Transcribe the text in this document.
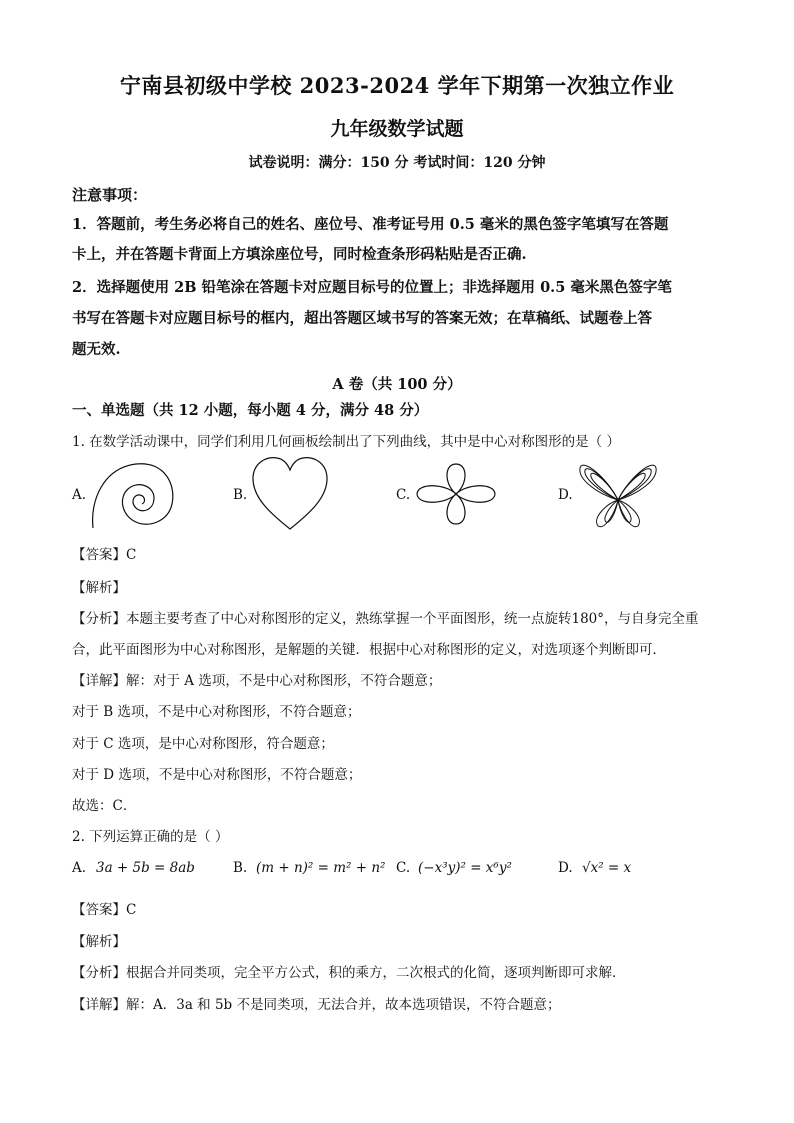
宁南县初级中学校 2023-2024 学年下期第一次独立作业
九年级数学试题
试卷说明：满分：150 分 考试时间：120 分钟
注意事项：
1．答题前，考生务必将自己的姓名、座位号、准考证号用 0.5 毫米的黑色签字笔填写在答题
卡上，并在答题卡背面上方填涂座位号，同时检查条形码粘贴是否正确.
2．选择题使用 2B 铅笔涂在答题卡对应题目标号的位置上；非选择题用 0.5 毫米黑色签字笔
书写在答题卡对应题目标号的框内，超出答题区域书写的答案无效；在草稿纸、试题卷上答
题无效.
A 卷（共 100 分）
一、单选题（共 12 小题，每小题 4 分，满分 48 分）
1. 在数学活动课中，同学们利用几何画板绘制出了下列曲线，其中是中心对称图形的是（ ）
A.	B.	C.	D.
【答案】C
【解析】
【分析】本题主要考查了中心对称图形的定义，熟练掌握一个平面图形，统一点旋转180°，与自身完全重
合，此平面图形为中心对称图形，是解题的关键．根据中心对称图形的定义，对选项逐个判断即可．
【详解】解：对于 A 选项，不是中心对称图形，不符合题意；
对于 B 选项，不是中心对称图形，不符合题意；
对于 C 选项，是中心对称图形，符合题意；
对于 D 选项，不是中心对称图形，不符合题意；
故选：C．
2. 下列运算正确的是（ ）
A. 3a + 5b = 8ab	B. (m + n)² = m² + n² C. (−x³y)² = x⁶y²	D. √x² = x
【答案】C
【解析】
【分析】根据合并同类项，完全平方公式，积的乘方，二次根式的化简，逐项判断即可求解．
【详解】解：A．3a 和 5b 不是同类项，无法合并，故本选项错误，不符合题意；
